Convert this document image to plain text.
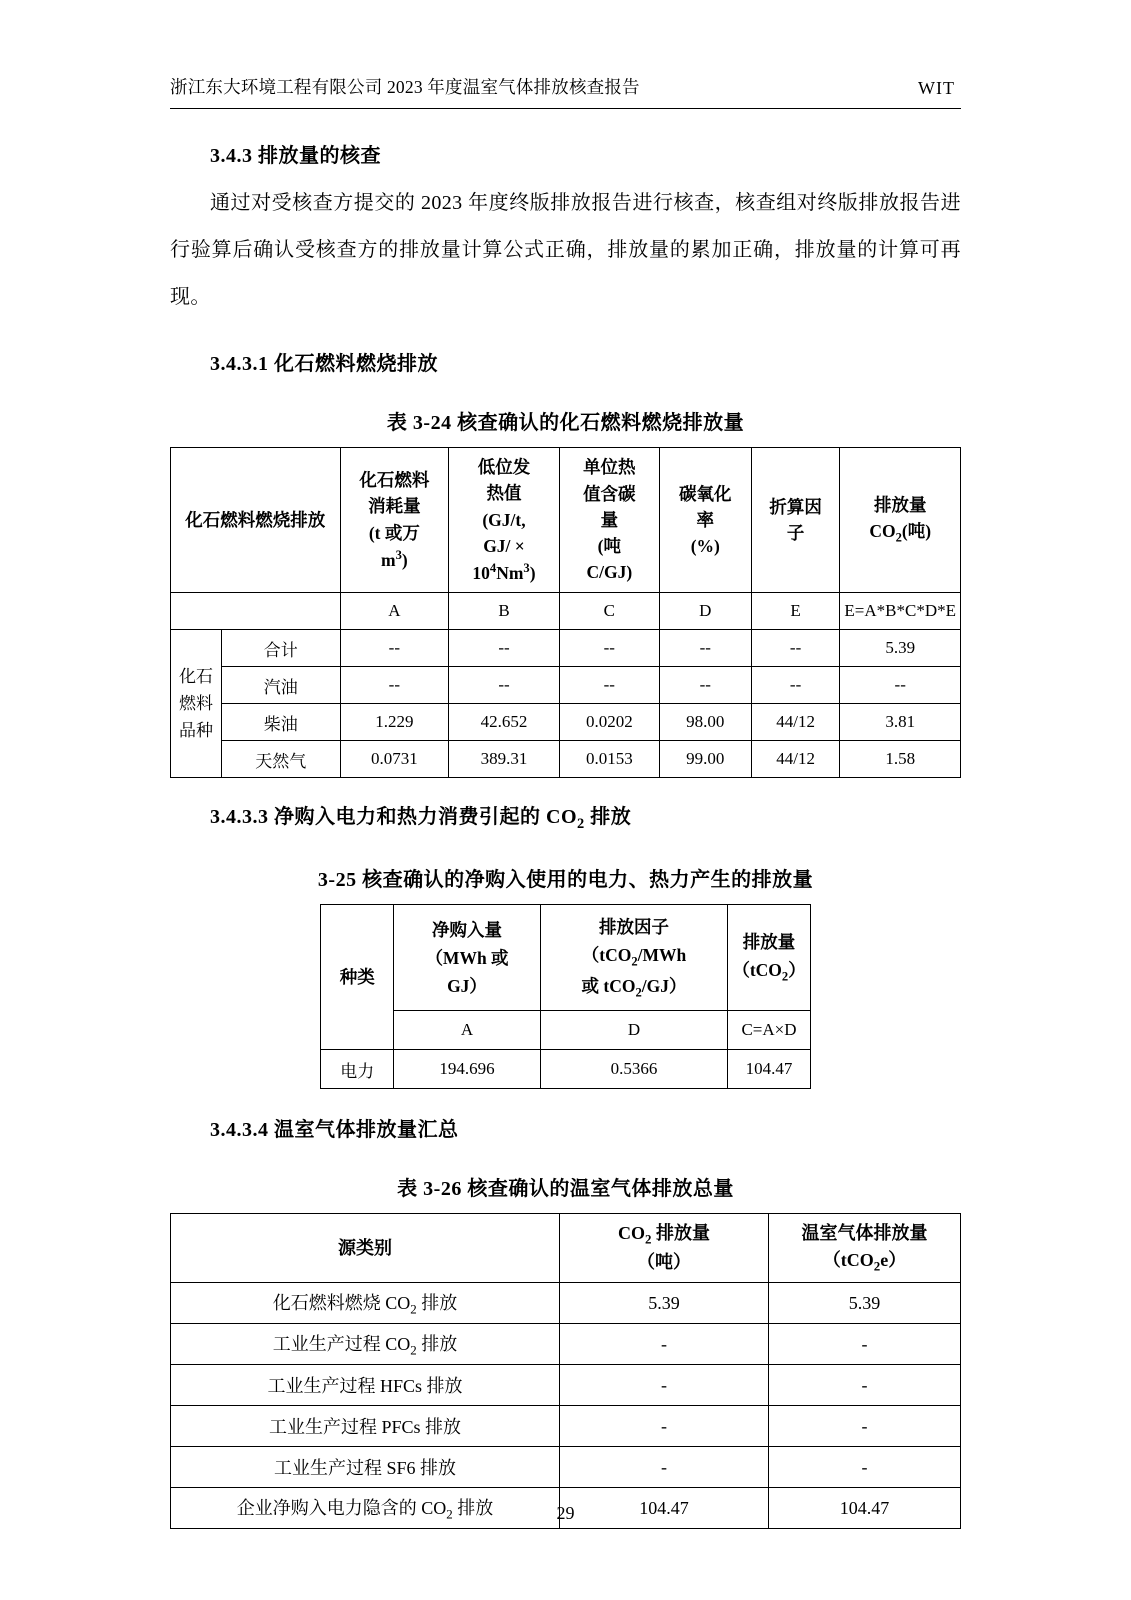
浙江东大环境工程有限公司 2023 年度温室气体排放核查报告	WIT
3.4.3 排放量的核查

通过对受核查方提交的 2023 年度终版排放报告进行核查，核查组对终版排放报告进行验算后确认受核查方的排放量计算公式正确，排放量的累加正确，排放量的计算可再现。

3.4.3.1 化石燃料燃烧排放
表 3-24 核查确认的化石燃料燃烧排放量
化石燃料燃烧排放		化石燃料
消耗量
(t 或万
$m^3$)	低位发
热值
(GJ/t,
GJ/ ×
$10^4Nm^3$)	单位热
值含碳
量
(吨
C/GJ)	碳氧化
率
(%)	折算因
子	排放量
$CO_2$(吨)
		A	B	C	D	E	E=A*B*C*D*E
化石
燃料
品种	合计	--	--	--	--	--	5.39
	汽油	--	--	--	--	--	--
	柴油	1.229	42.652	0.0202	98.00	44/12	3.81
	天然气	0.0731	389.31	0.0153	99.00	44/12	1.58
3.4.3.3 净购入电力和热力消费引起的 $CO_2$ 排放
3-25 核查确认的净购入使用的电力、热力产生的排放量
种类	净购入量
（MWh 或
GJ）	排放因子
（tCO$_2$/MWh
或 tCO$_2$/GJ）	排放量
（tCO$_2$）
	A	D	C=A×D
电力	194.696	0.5366	104.47
3.4.3.4 温室气体排放量汇总
表 3-26 核查确认的温室气体排放总量
源类别	$CO_2$ 排放量
（吨）	温室气体排放量
（tCO$_2$e）
化石燃料燃烧 $CO_2$ 排放	5.39	5.39
工业生产过程 $CO_2$ 排放	-	-
工业生产过程 HFCs 排放	-	-
工业生产过程 PFCs 排放	-	-
工业生产过程 SF6 排放	-	-
企业净购入电力隐含的 $CO_2$ 排放	104.47	104.47
29
